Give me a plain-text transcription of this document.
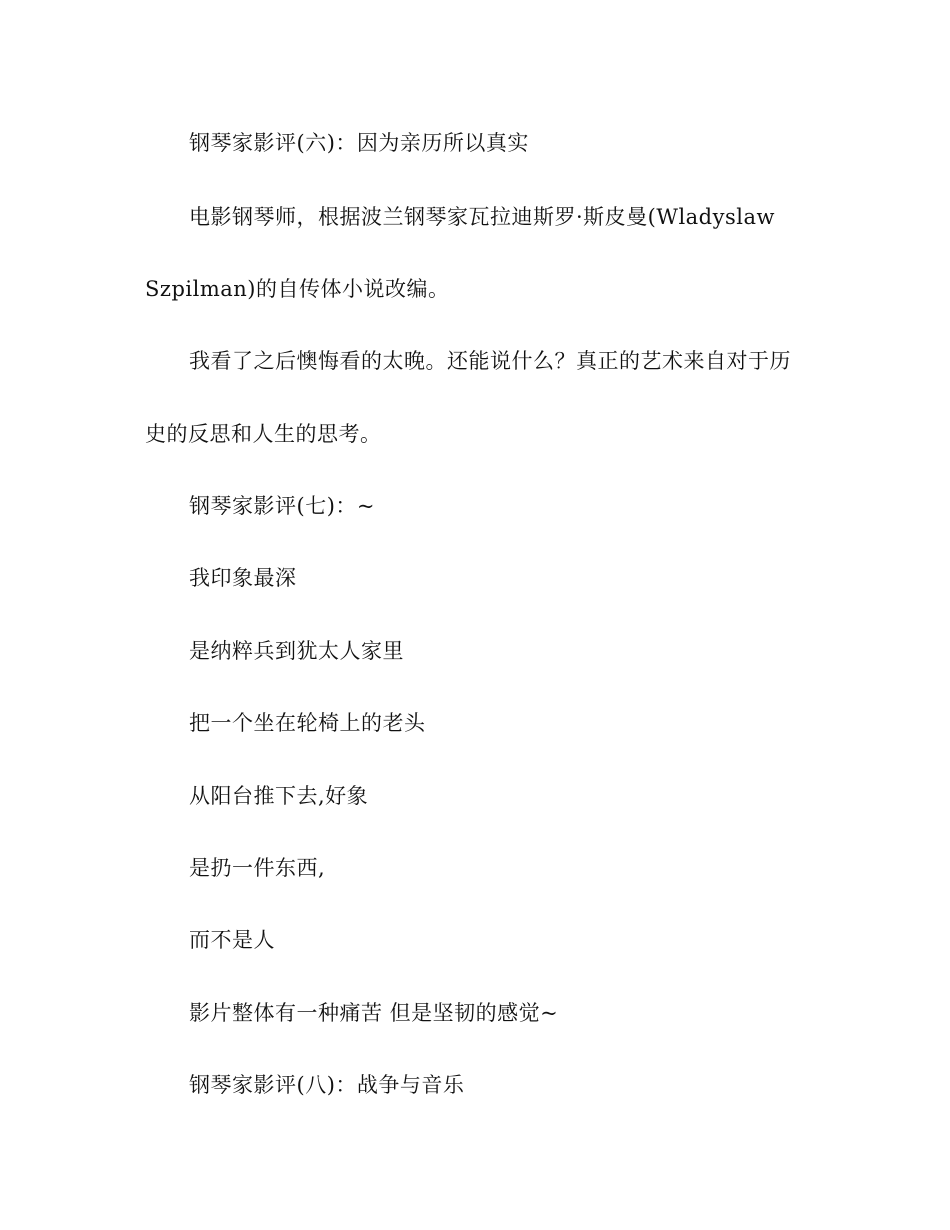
钢琴家影评(六)：因为亲历所以真实
电影钢琴师，根据波兰钢琴家瓦拉迪斯罗·斯皮曼(Wladyslaw
Szpilman)的自传体小说改编。
我看了之后懊悔看的太晚。还能说什么？真正的艺术来自对于历
史的反思和人生的思考。
钢琴家影评(七)：~
我印象最深
是纳粹兵到犹太人家里
把一个坐在轮椅上的老头
从阳台推下去,好象
是扔一件东西,
而不是人
影片整体有一种痛苦 但是坚韧的感觉~
钢琴家影评(八)：战争与音乐
